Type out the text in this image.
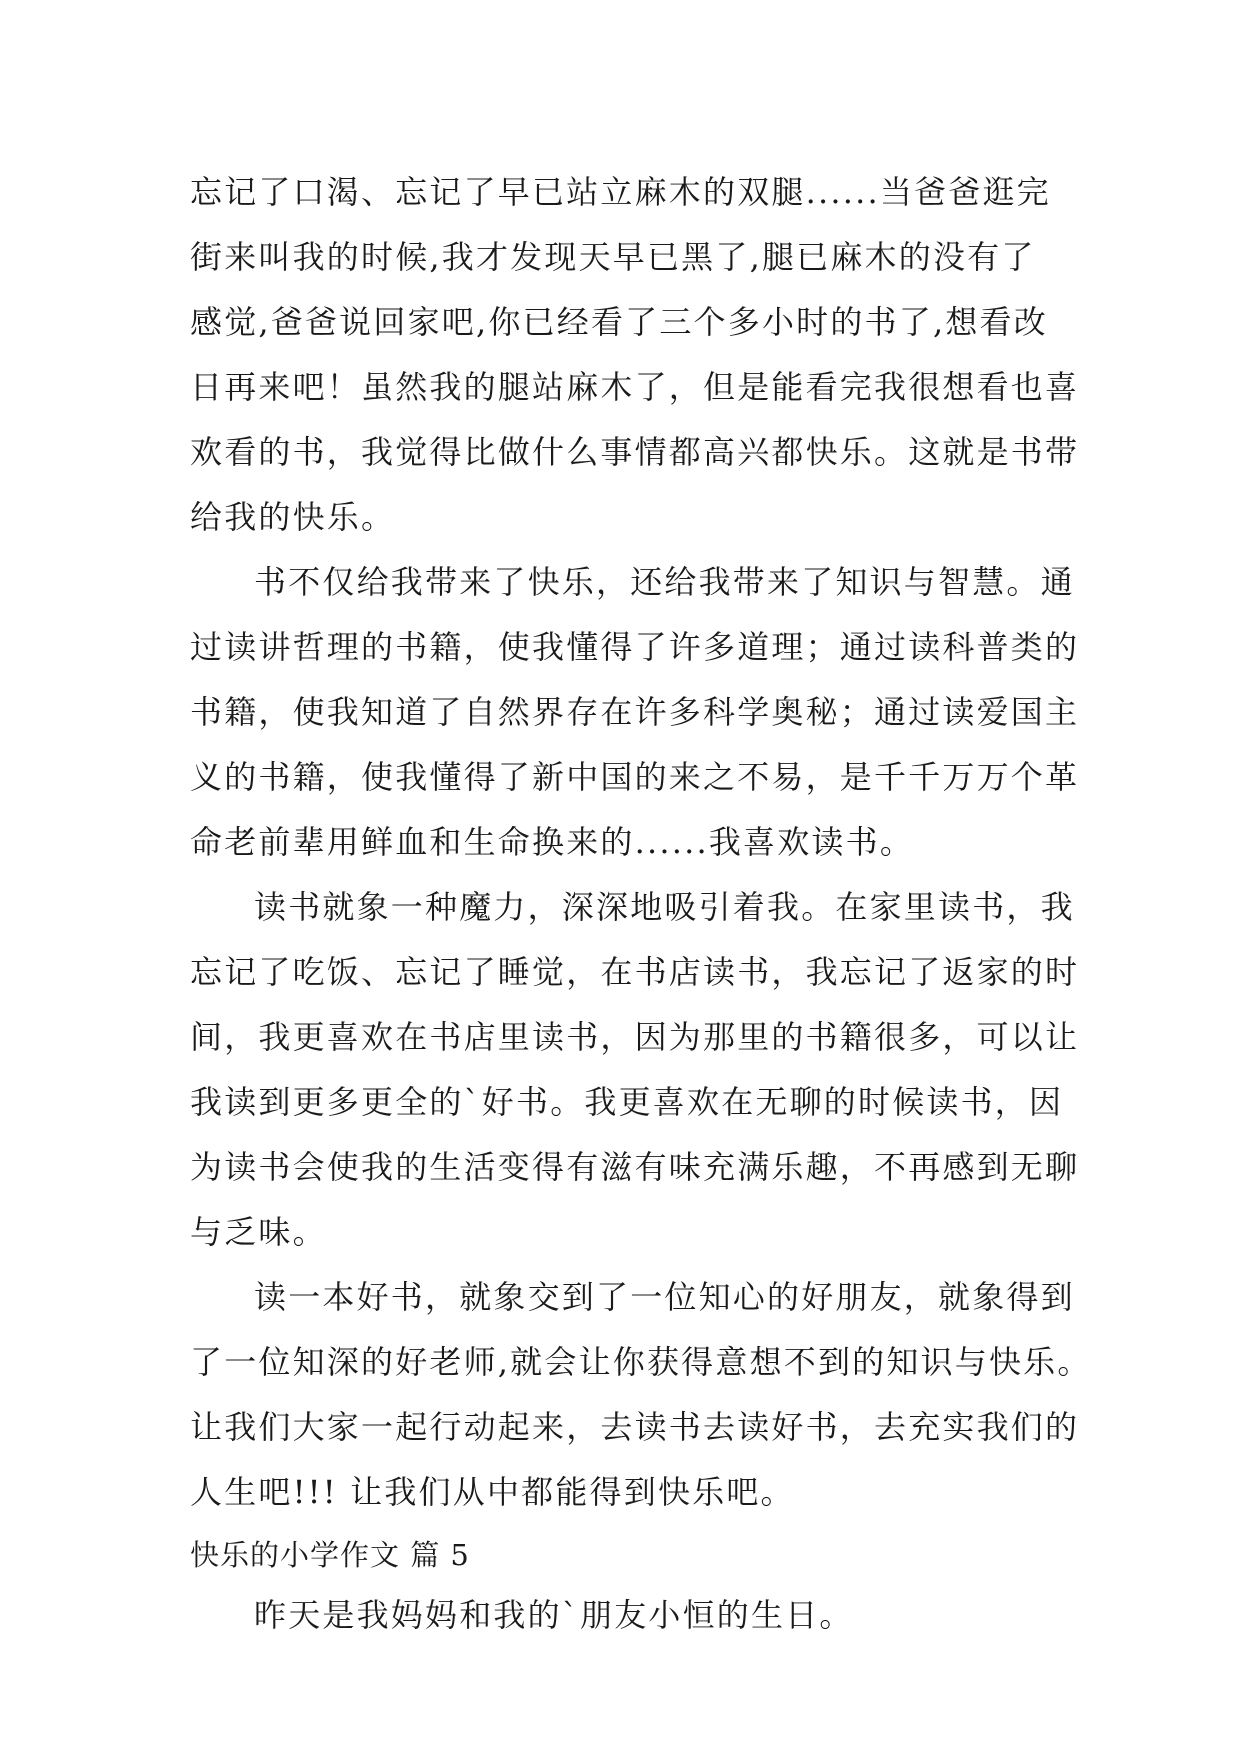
忘记了口渴、忘记了早已站立麻木的双腿......当爸爸逛完
街来叫我的时候,我才发现天早已黑了,腿已麻木的没有了
感觉,爸爸说回家吧,你已经看了三个多小时的书了,想看改
日再来吧！虽然我的腿站麻木了，但是能看完我很想看也喜
欢看的书，我觉得比做什么事情都高兴都快乐。这就是书带
给我的快乐。
书不仅给我带来了快乐，还给我带来了知识与智慧。通
过读讲哲理的书籍，使我懂得了许多道理；通过读科普类的
书籍，使我知道了自然界存在许多科学奥秘；通过读爱国主
义的书籍，使我懂得了新中国的来之不易，是千千万万个革
命老前辈用鲜血和生命换来的......我喜欢读书。
读书就象一种魔力，深深地吸引着我。在家里读书，我
忘记了吃饭、忘记了睡觉，在书店读书，我忘记了返家的时
间，我更喜欢在书店里读书，因为那里的书籍很多，可以让
我读到更多更全的`好书。我更喜欢在无聊的时候读书，因
为读书会使我的生活变得有滋有味充满乐趣，不再感到无聊
与乏味。
读一本好书，就象交到了一位知心的好朋友，就象得到
了一位知深的好老师,就会让你获得意想不到的知识与快乐。
让我们大家一起行动起来，去读书去读好书，去充实我们的
人生吧!!! 让我们从中都能得到快乐吧。
快乐的小学作文 篇 5
昨天是我妈妈和我的`朋友小恒的生日。
